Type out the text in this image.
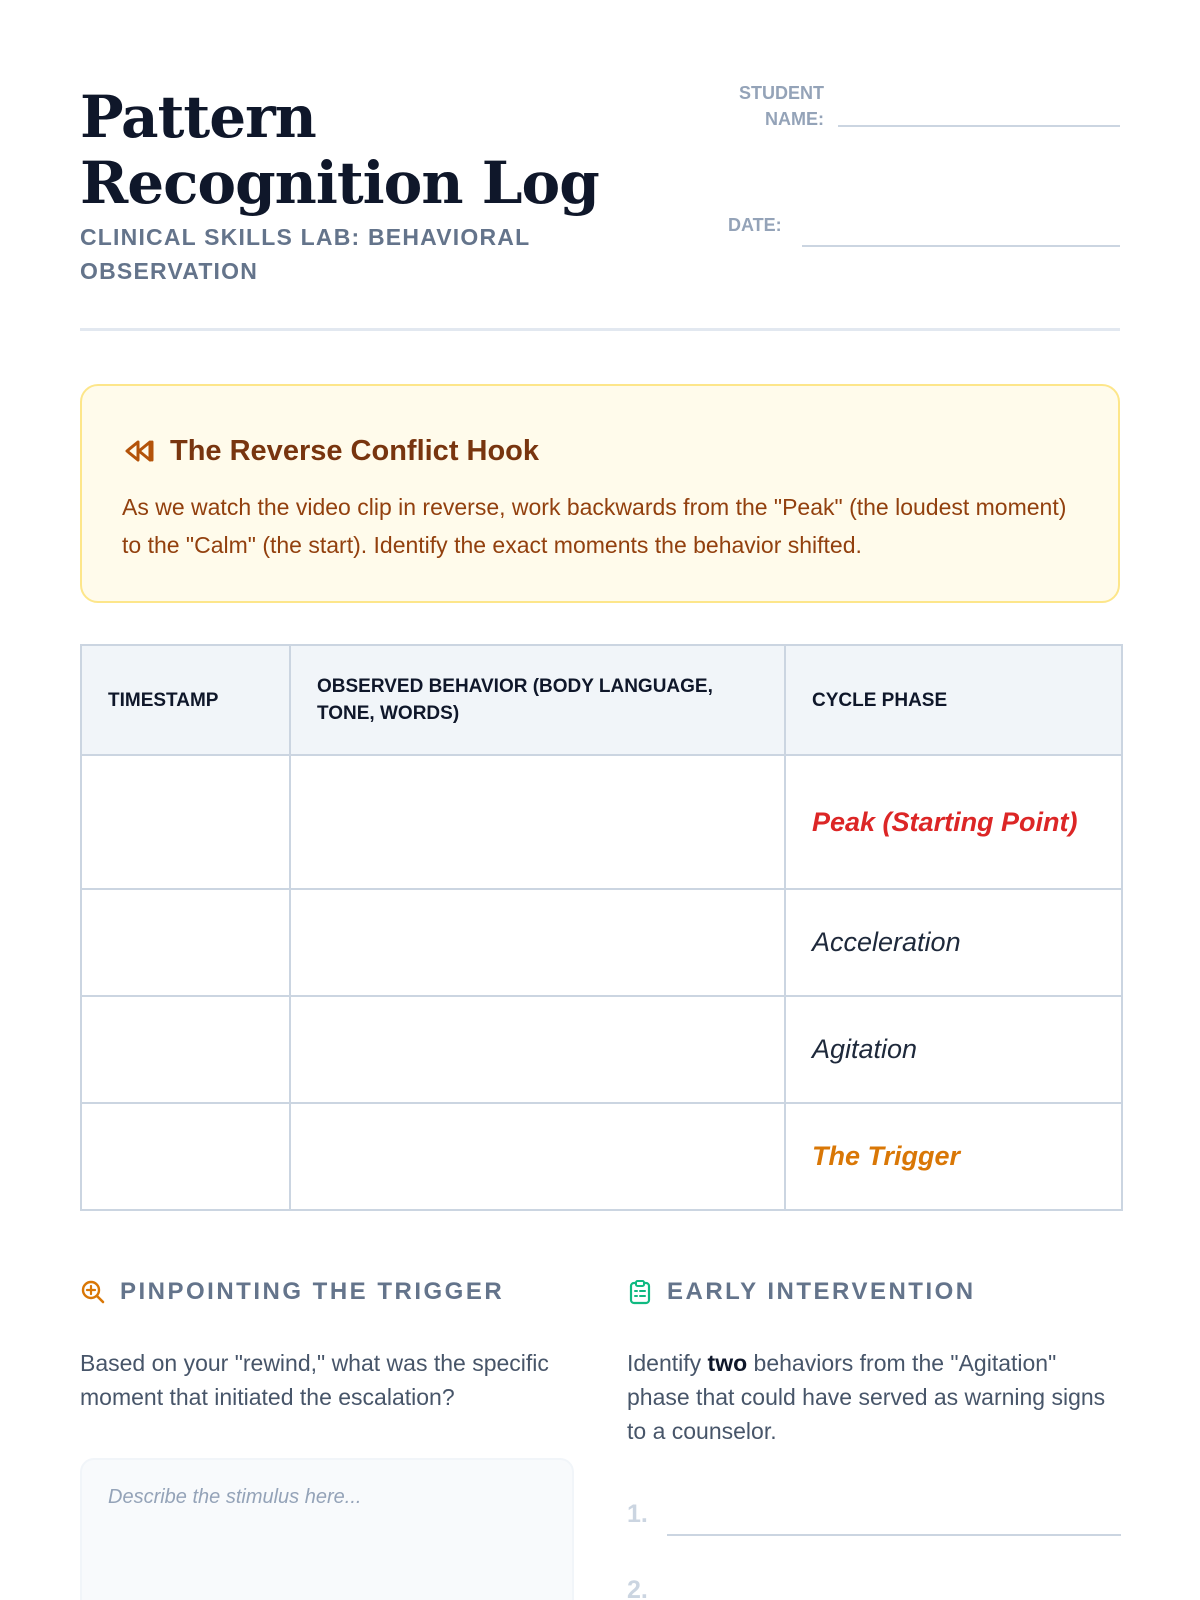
Pattern Recognition Log
CLINICAL SKILLS LAB: BEHAVIORAL OBSERVATION
STUDENT NAME:
DATE:
The Reverse Conflict Hook
As we watch the video clip in reverse, work backwards from the "Peak" (the loudest moment) to the "Calm" (the start). Identify the exact moments the behavior shifted.
TIMESTAMP	OBSERVED BEHAVIOR (BODY LANGUAGE, TONE, WORDS)	CYCLE PHASE
		Peak (Starting Point)
		Acceleration
		Agitation
		The Trigger
PINPOINTING THE TRIGGER
Based on your "rewind," what was the specific moment that initiated the escalation?
Describe the stimulus here...
EARLY INTERVENTION
Identify two behaviors from the "Agitation" phase that could have served as warning signs to a counselor.
1.
2.
